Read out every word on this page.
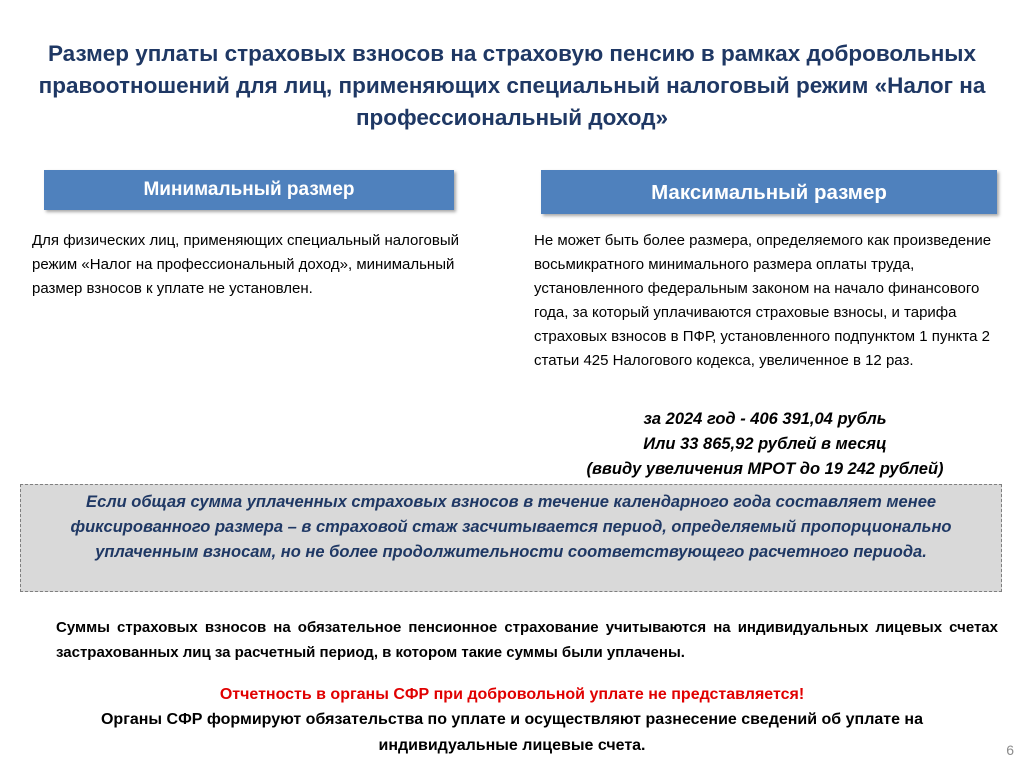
Размер уплаты страховых взносов на страховую пенсию в рамках добровольных правоотношений для лиц, применяющих специальный налоговый режим «Налог на профессиональный доход»
Минимальный размер	Максимальный размер
Для физических лиц, применяющих специальный налоговый режим «Налог на профессиональный доход», минимальный размер взносов к уплате не установлен.
Не может быть более размера, определяемого как произведение восьмикратного минимального размера оплаты труда, установленного федеральным законом на начало финансового года, за который уплачиваются страховые взносы, и тарифа страховых взносов в ПФР, установленного подпунктом 1 пункта 2 статьи 425 Налогового кодекса, увеличенное в 12 раз.
за 2024 год - 406 391,04 рубль
Или 33 865,92 рублей в месяц
(ввиду увеличения МРОТ до 19 242 рублей)
Если общая сумма уплаченных страховых взносов в течение календарного года составляет менее фиксированного размера – в страховой стаж засчитывается период, определяемый пропорционально уплаченным взносам, но не более продолжительности соответствующего расчетного периода.
Суммы страховых взносов на обязательное пенсионное страхование учитываются на индивидуальных лицевых счетах застрахованных лиц за расчетный период, в котором такие суммы были уплачены.
Отчетность в органы СФР при добровольной уплате не представляется!
Органы СФР формируют обязательства по уплате и осуществляют разнесение сведений об уплате на индивидуальные лицевые счета.	6
